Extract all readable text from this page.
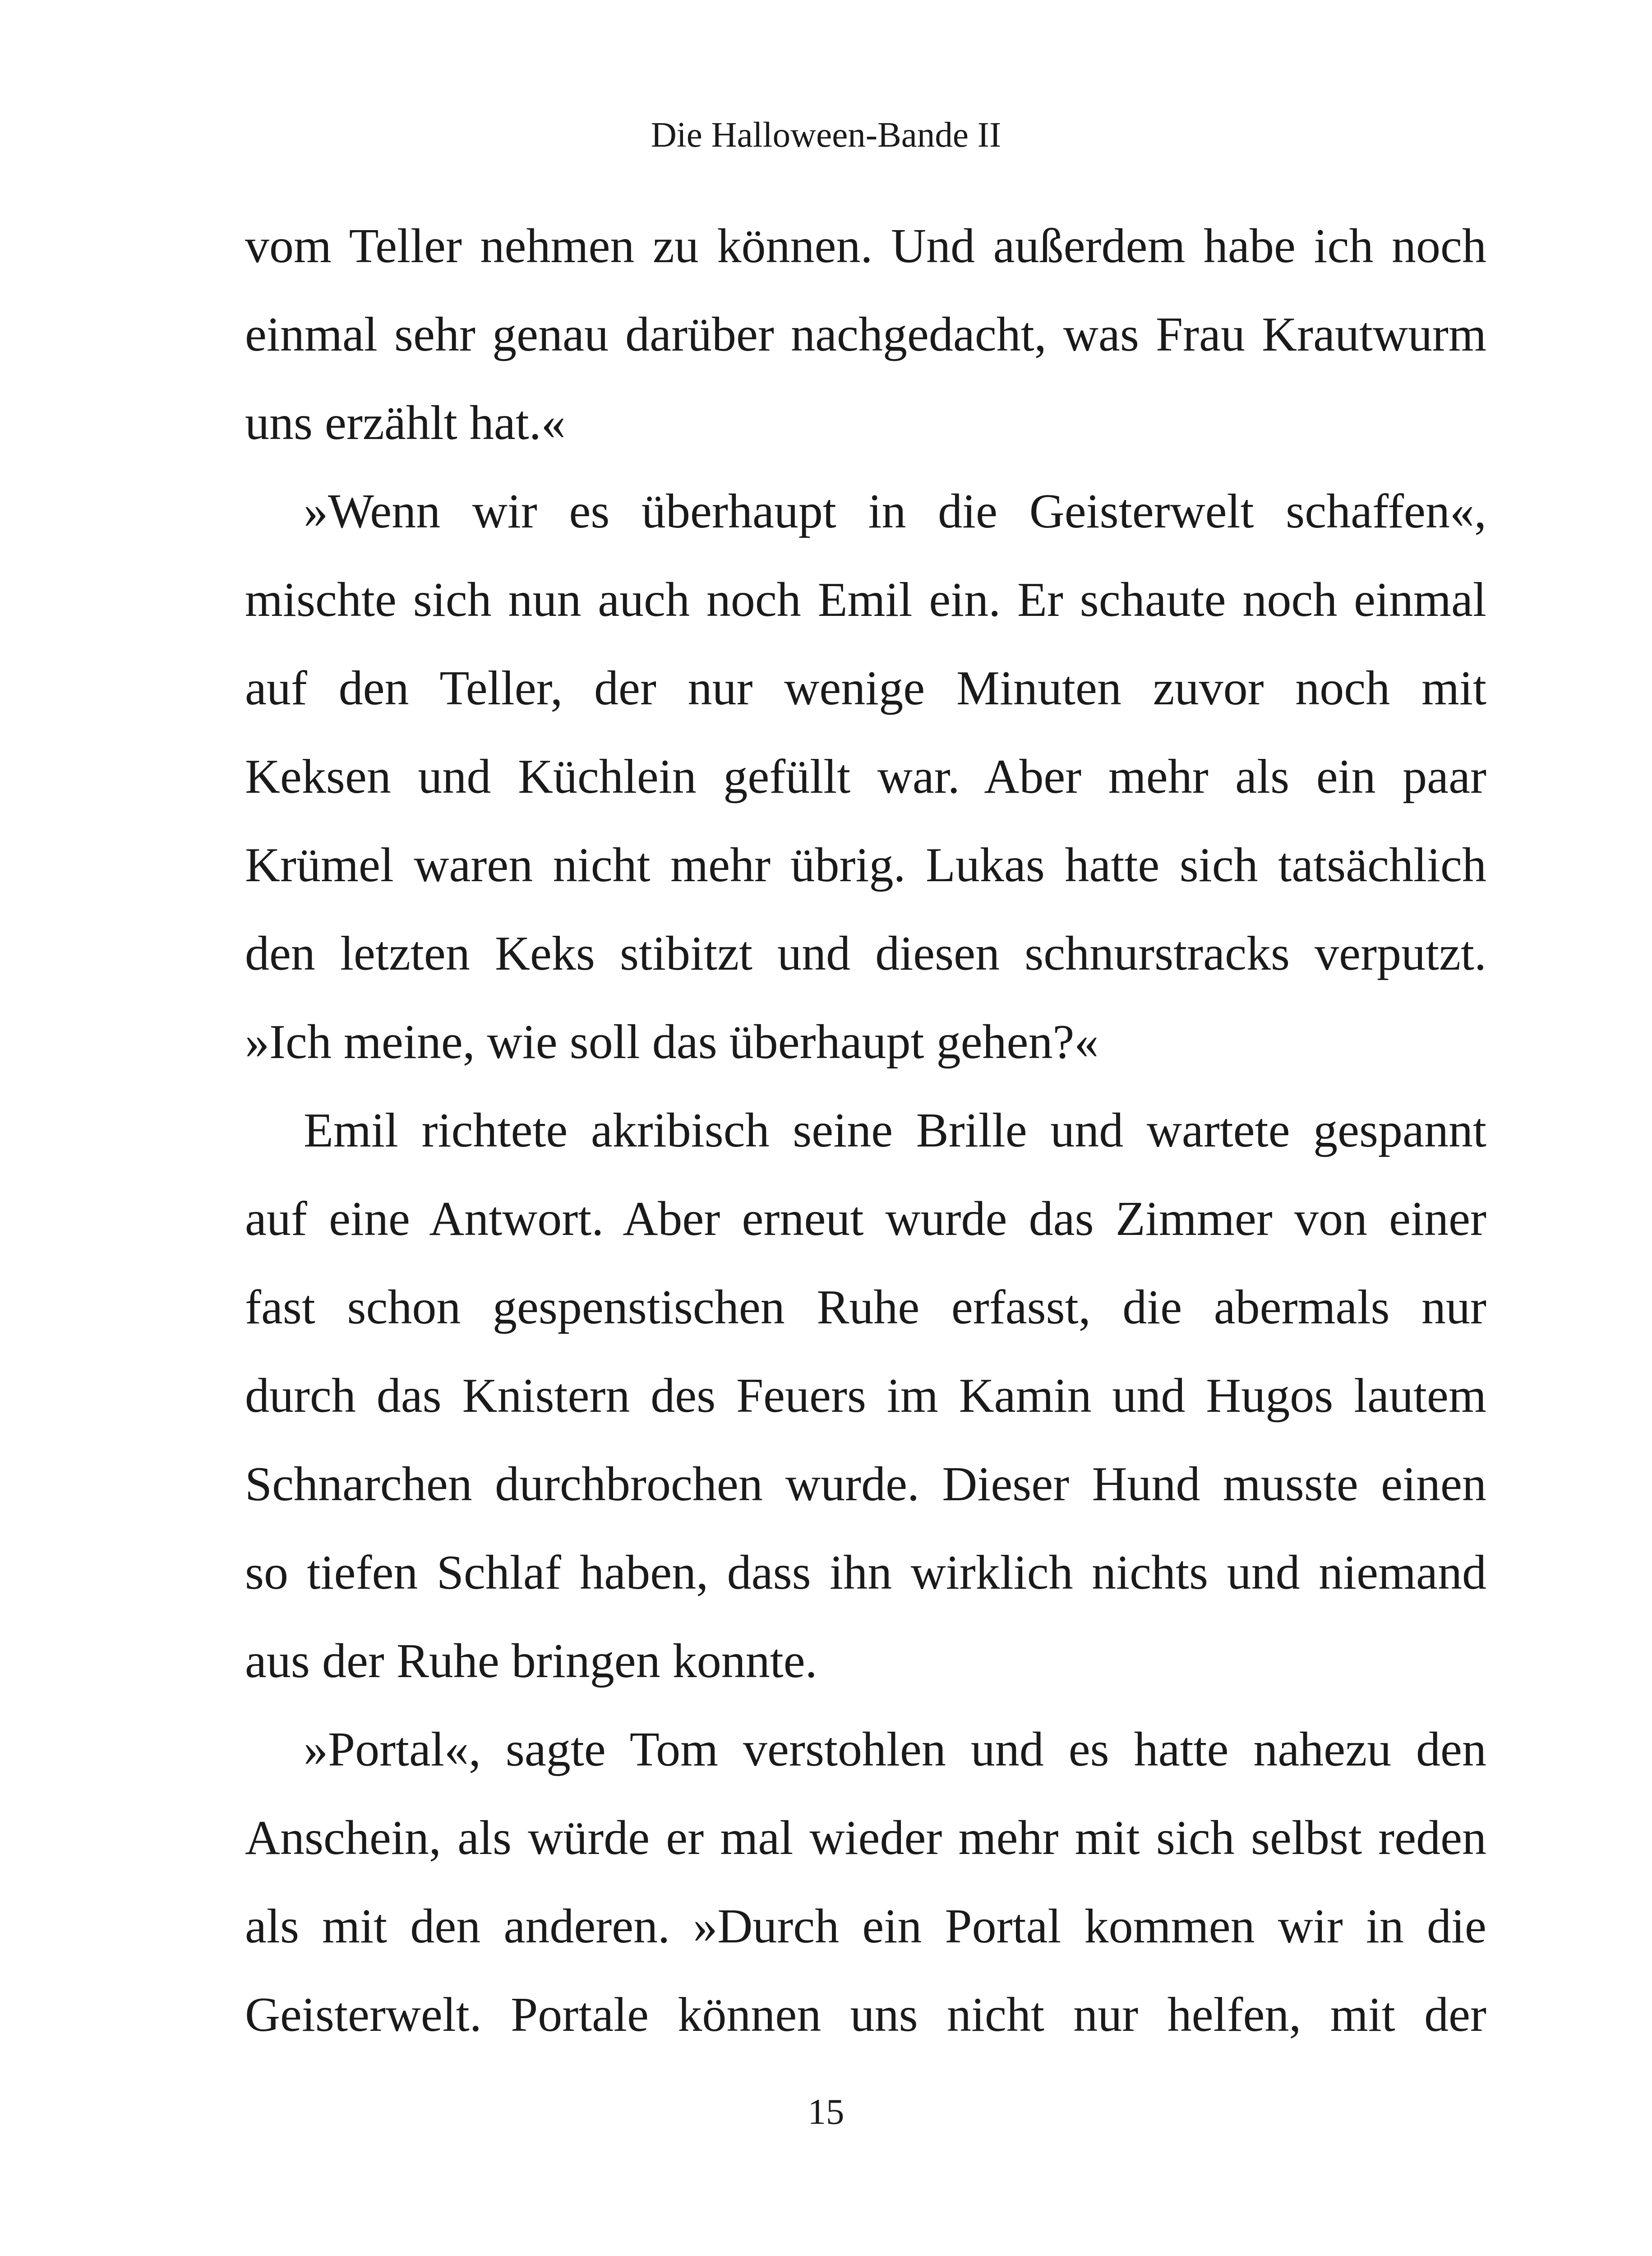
Die Halloween-Bande II
vom Teller nehmen zu können. Und außerdem habe ich noch
einmal sehr genau darüber nachgedacht, was Frau Krautwurm
uns erzählt hat.«
»Wenn wir es überhaupt in die Geisterwelt schaffen«,
mischte sich nun auch noch Emil ein. Er schaute noch einmal
auf den Teller, der nur wenige Minuten zuvor noch mit
Keksen und Küchlein gefüllt war. Aber mehr als ein paar
Krümel waren nicht mehr übrig. Lukas hatte sich tatsächlich
den letzten Keks stibitzt und diesen schnurstracks verputzt.
»Ich meine, wie soll das überhaupt gehen?«
Emil richtete akribisch seine Brille und wartete gespannt
auf eine Antwort. Aber erneut wurde das Zimmer von einer
fast schon gespenstischen Ruhe erfasst, die abermals nur
durch das Knistern des Feuers im Kamin und Hugos lautem
Schnarchen durchbrochen wurde. Dieser Hund musste einen
so tiefen Schlaf haben, dass ihn wirklich nichts und niemand
aus der Ruhe bringen konnte.
»Portal«, sagte Tom verstohlen und es hatte nahezu den
Anschein, als würde er mal wieder mehr mit sich selbst reden
als mit den anderen. »Durch ein Portal kommen wir in die
Geisterwelt. Portale können uns nicht nur helfen, mit der
15
